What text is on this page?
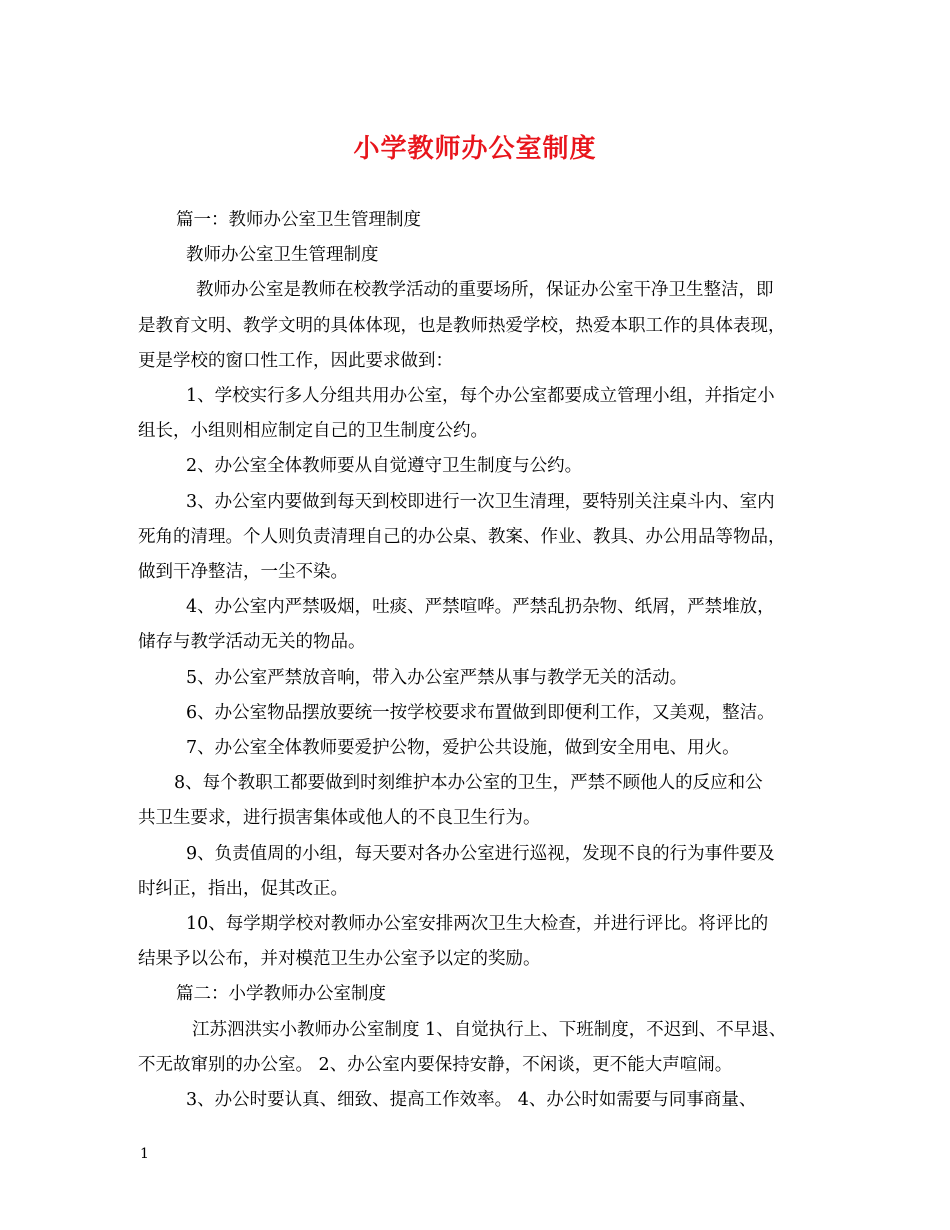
小学教师办公室制度
篇一：教师办公室卫生管理制度
教师办公室卫生管理制度
教师办公室是教师在校教学活动的重要场所，保证办公室干净卫生整洁，即
是教育文明、教学文明的具体体现，也是教师热爱学校，热爱本职工作的具体表现，
更是学校的窗口性工作，因此要求做到：
1、学校实行多人分组共用办公室，每个办公室都要成立管理小组，并指定小
组长，小组则相应制定自己的卫生制度公约。
2、办公室全体教师要从自觉遵守卫生制度与公约。
3、办公室内要做到每天到校即进行一次卫生清理，要特别关注桌斗内、室内
死角的清理。个人则负责清理自己的办公桌、教案、作业、教具、办公用品等物品，
做到干净整洁，一尘不染。
4、办公室内严禁吸烟，吐痰、严禁喧哗。严禁乱扔杂物、纸屑，严禁堆放，
储存与教学活动无关的物品。
5、办公室严禁放音响，带入办公室严禁从事与教学无关的活动。
6、办公室物品摆放要统一按学校要求布置做到即便利工作，又美观，整洁。
7、办公室全体教师要爱护公物，爱护公共设施，做到安全用电、用火。
8、每个教职工都要做到时刻维护本办公室的卫生，严禁不顾他人的反应和公
共卫生要求，进行损害集体或他人的不良卫生行为。
9、负责值周的小组，每天要对各办公室进行巡视，发现不良的行为事件要及
时纠正，指出，促其改正。
10、每学期学校对教师办公室安排两次卫生大检查，并进行评比。将评比的
结果予以公布，并对模范卫生办公室予以定的奖励。
篇二：小学教师办公室制度
江苏泗洪实小教师办公室制度 1、自觉执行上、下班制度，不迟到、不早退、
不无故窜别的办公室。 2、办公室内要保持安静，不闲谈，更不能大声喧闹。
3、办公时要认真、细致、提高工作效率。 4、办公时如需要与同事商量、
1
